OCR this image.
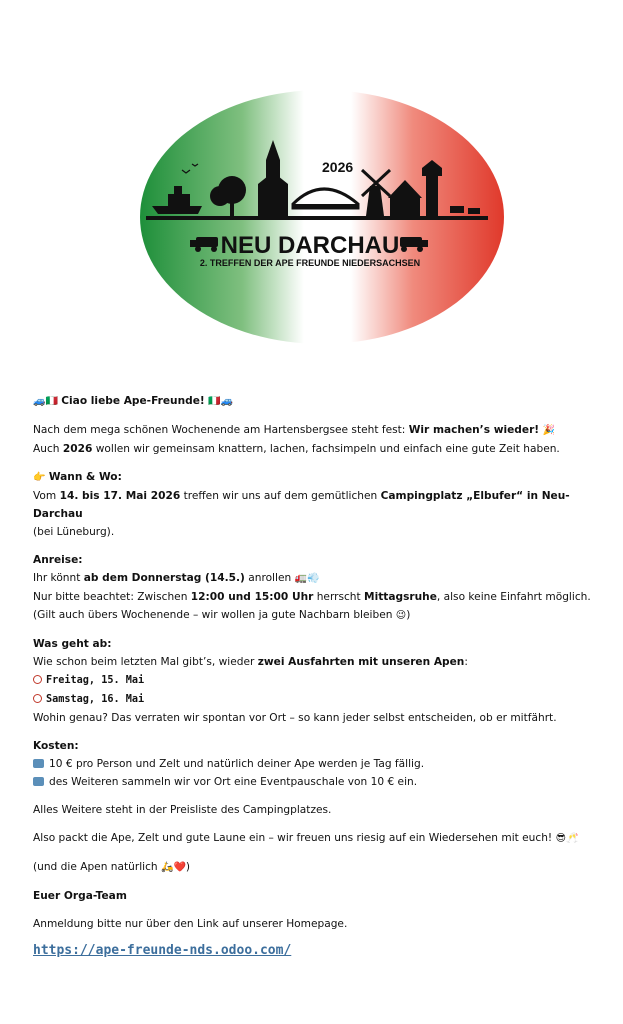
2026
NEU DARCHAU
2. TREFFEN DER APE FREUNDE NIEDERSACHSEN

🚙🇮🇹 Ciao liebe Ape-Freunde! 🇮🇹🚙

Nach dem mega schönen Wochenende am Hartensbergsee steht fest: Wir machen’s wieder! 🎉

Auch 2026 wollen wir gemeinsam knattern, lachen, fachsimpeln und einfach eine gute Zeit haben.

👉 Wann & Wo:

Vom 14. bis 17. Mai 2026 treffen wir uns auf dem gemütlichen Campingplatz „Elbufer“ in Neu-Darchau

(bei Lüneburg).

Anreise:

Ihr könnt ab dem Donnerstag (14.5.) anrollen 🚛💨

Nur bitte beachtet: Zwischen 12:00 und 15:00 Uhr herrscht Mittagsruhe, also keine Einfahrt möglich.

(Gilt auch übers Wochenende – wir wollen ja gute Nachbarn bleiben 😉)

Was geht ab:

Wie schon beim letzten Mal gibt’s, wieder zwei Ausfahrten mit unseren Apen:

Freitag, 15. Mai

Samstag, 16. Mai

Wohin genau? Das verraten wir spontan vor Ort – so kann jeder selbst entscheiden, ob er mitfährt.

Kosten:

10 € pro Person und Zelt und natürlich deiner Ape werden je Tag fällig.

des Weiteren sammeln wir vor Ort eine Eventpauschale von 10 € ein.

Alles Weitere steht in der Preisliste des Campingplatzes.

Also packt die Ape, Zelt und gute Laune ein – wir freuen uns riesig auf ein Wiedersehen mit euch! 😎🥂

(und die Apen natürlich 🛵❤️)

Euer Orga-Team

Anmeldung bitte nur über den Link auf unserer Homepage.

https://ape-freunde-nds.odoo.com/
